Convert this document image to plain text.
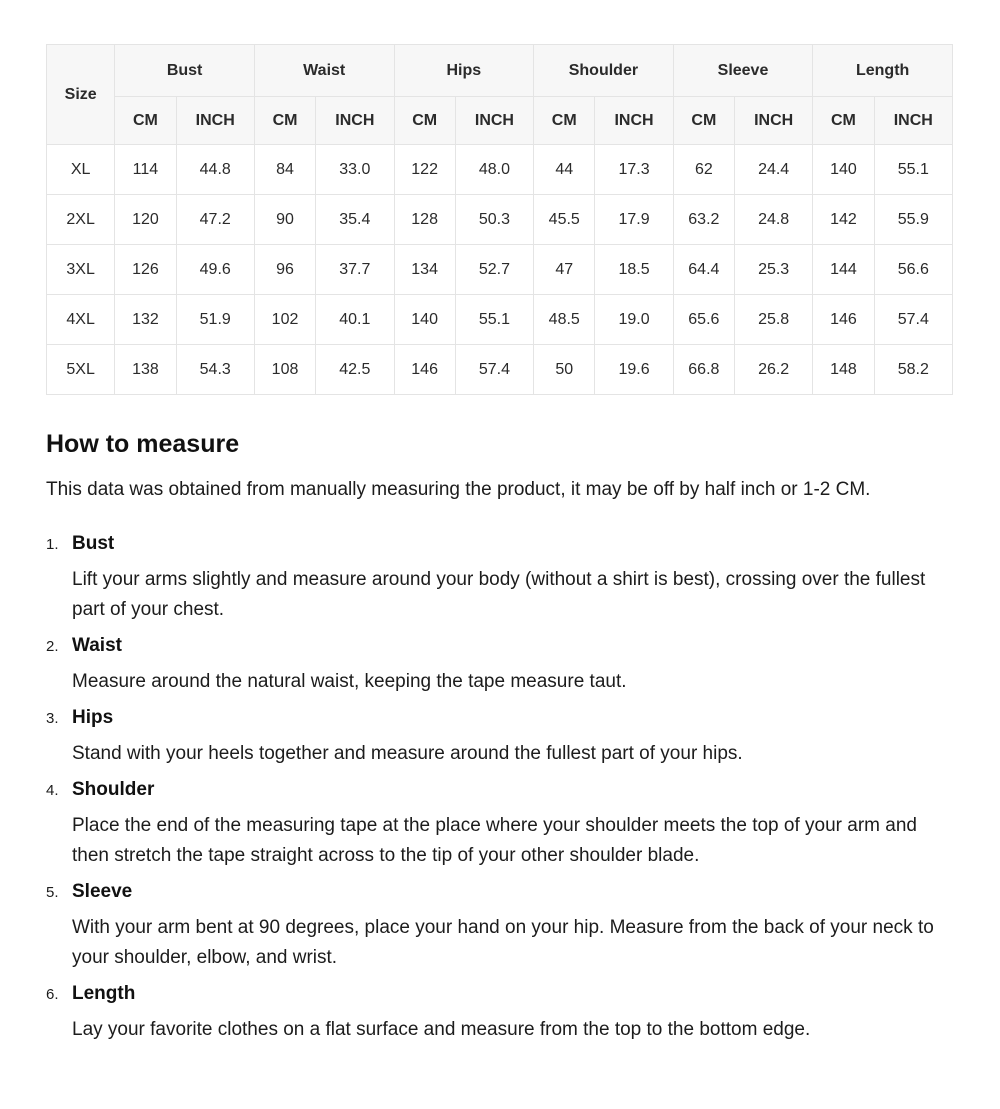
Size	Bust		Waist		Hips		Shoulder		Sleeve		Length	
	CM	INCH	CM	INCH	CM	INCH	CM	INCH	CM	INCH	CM	INCH
XL	114	44.8	84	33.0	122	48.0	44	17.3	62	24.4	140	55.1
2XL	120	47.2	90	35.4	128	50.3	45.5	17.9	63.2	24.8	142	55.9
3XL	126	49.6	96	37.7	134	52.7	47	18.5	64.4	25.3	144	56.6
4XL	132	51.9	102	40.1	140	55.1	48.5	19.0	65.6	25.8	146	57.4
5XL	138	54.3	108	42.5	146	57.4	50	19.6	66.8	26.2	148	58.2
How to measure

This data was obtained from manually measuring the product, it may be off by half inch or 1-2 CM.

1. Bust
Lift your arms slightly and measure around your body (without a shirt is best), crossing over the fullest part of your chest.
2. Waist
Measure around the natural waist, keeping the tape measure taut.
3. Hips
Stand with your heels together and measure around the fullest part of your hips.
4. Shoulder
Place the end of the measuring tape at the place where your shoulder meets the top of your arm and then stretch the tape straight across to the tip of your other shoulder blade.
5. Sleeve
With your arm bent at 90 degrees, place your hand on your hip. Measure from the back of your neck to your shoulder, elbow, and wrist.
6. Length
Lay your favorite clothes on a flat surface and measure from the top to the bottom edge.
